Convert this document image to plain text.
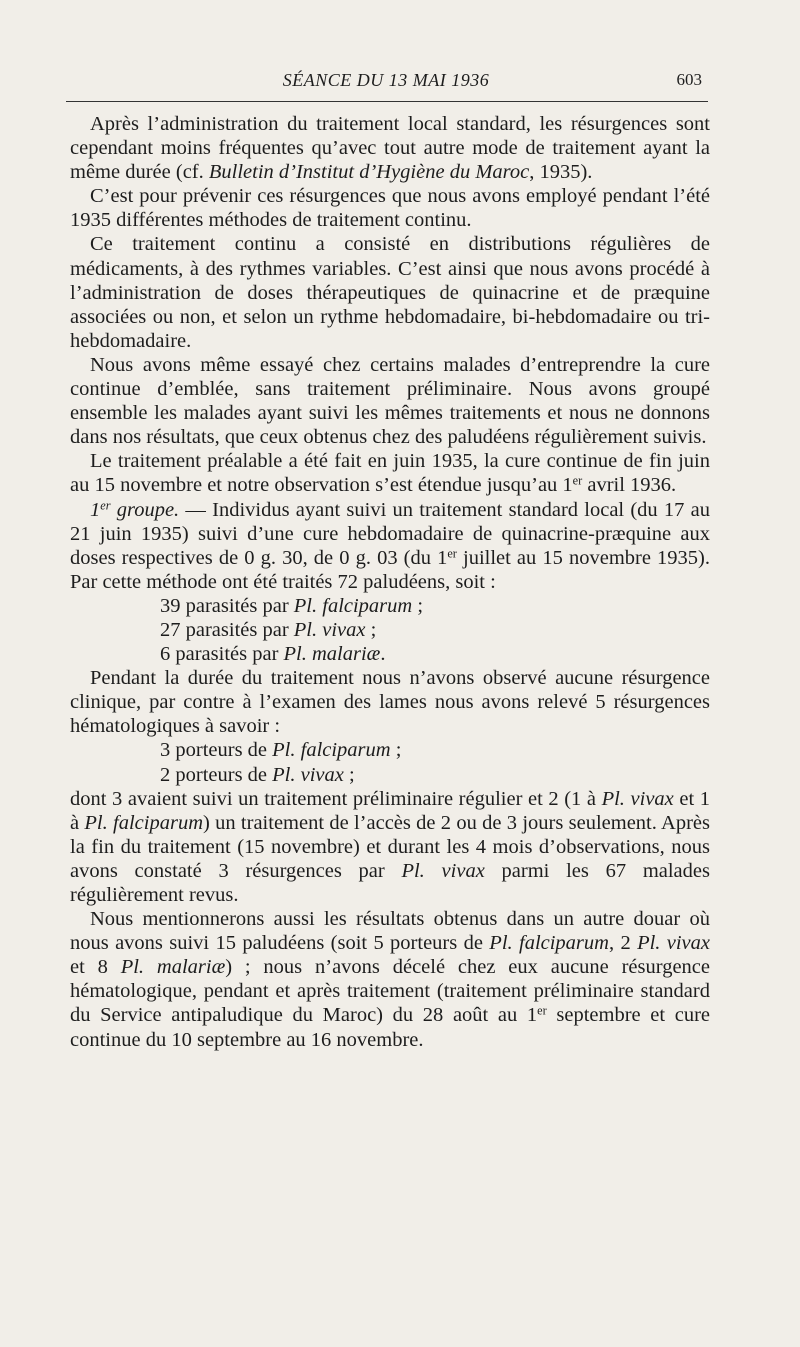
SÉANCE DU 13 MAI 1936	603

Après l’administration du traitement local standard, les résurgences sont cependant moins fréquentes qu’avec tout autre mode de traitement ayant la même durée (cf. Bulletin d’Institut d’Hygiène du Maroc, 1935).

C’est pour prévenir ces résurgences que nous avons employé pendant l’été 1935 différentes méthodes de traitement continu.

Ce traitement continu a consisté en distributions régulières de médicaments, à des rythmes variables. C’est ainsi que nous avons procédé à l’administration de doses thérapeutiques de quinacrine et de præquine associées ou non, et selon un rythme hebdomadaire, bi-hebdomadaire ou tri-hebdomadaire.

Nous avons même essayé chez certains malades d’entreprendre la cure continue d’emblée, sans traitement préliminaire. Nous avons groupé ensemble les malades ayant suivi les mêmes traitements et nous ne donnons dans nos résultats, que ceux obtenus chez des paludéens régulièrement suivis.

Le traitement préalable a été fait en juin 1935, la cure continue de fin juin au 15 novembre et notre observation s’est étendue jusqu’au 1er avril 1936.

1er groupe. — Individus ayant suivi un traitement standard local (du 17 au 21 juin 1935) suivi d’une cure hebdomadaire de quinacrine-præquine aux doses respectives de 0 g. 30, de 0 g. 03 (du 1er juillet au 15 novembre 1935). Par cette méthode ont été traités 72 paludéens, soit :

39 parasités par Pl. falciparum ;
27 parasités par Pl. vivax ;
6 parasités par Pl. malariæ.

Pendant la durée du traitement nous n’avons observé aucune résurgence clinique, par contre à l’examen des lames nous avons relevé 5 résurgences hématologiques à savoir :

3 porteurs de Pl. falciparum ;
2 porteurs de Pl. vivax ;

dont 3 avaient suivi un traitement préliminaire régulier et 2 (1 à Pl. vivax et 1 à Pl. falciparum) un traitement de l’accès de 2 ou de 3 jours seulement. Après la fin du traitement (15 novembre) et durant les 4 mois d’observations, nous avons constaté 3 résurgences par Pl. vivax parmi les 67 malades régulièrement revus.

Nous mentionnerons aussi les résultats obtenus dans un autre douar où nous avons suivi 15 paludéens (soit 5 porteurs de Pl. falciparum, 2 Pl. vivax et 8 Pl. malariæ) ; nous n’avons décelé chez eux aucune résurgence hématologique, pendant et après traitement (traitement préliminaire standard du Service antipaludique du Maroc) du 28 août au 1er septembre et cure continue du 10 septembre au 16 novembre.
